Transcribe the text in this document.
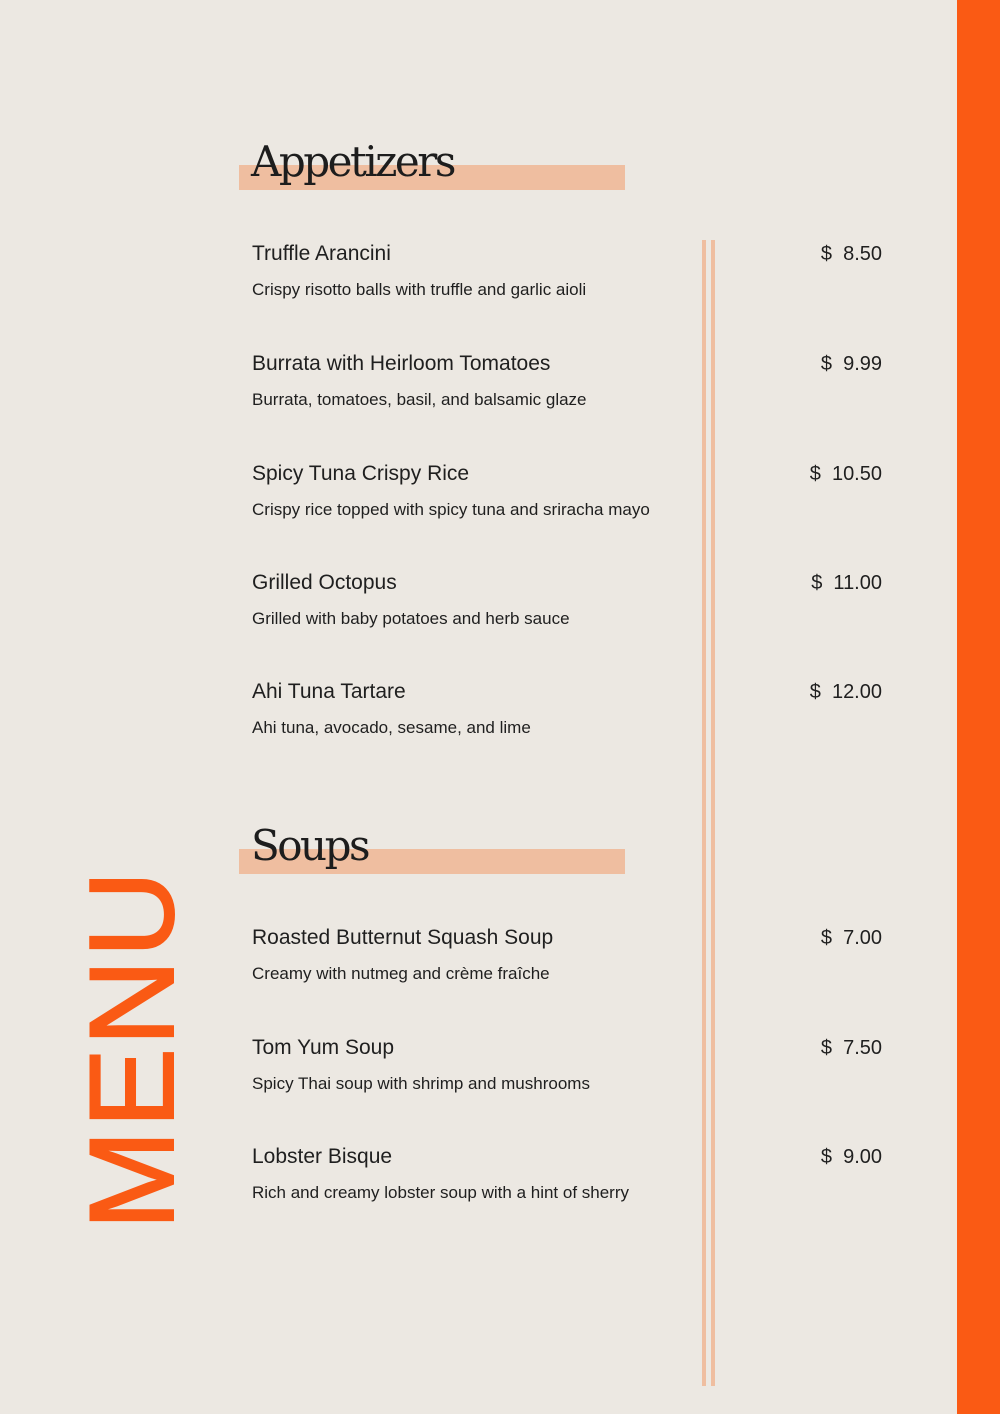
MENU
Appetizers
Truffle Arancini
Crispy risotto balls with truffle and garlic aioli
$  8.50
Burrata with Heirloom Tomatoes
Burrata, tomatoes, basil, and balsamic glaze
$  9.99
Spicy Tuna Crispy Rice
Crispy rice topped with spicy tuna and sriracha mayo
$  10.50
Grilled Octopus
Grilled with baby potatoes and herb sauce
$  11.00
Ahi Tuna Tartare
Ahi tuna, avocado, sesame, and lime
$  12.00
Soups
Roasted Butternut Squash Soup
Creamy with nutmeg and crème fraîche
$  7.00
Tom Yum Soup
Spicy Thai soup with shrimp and mushrooms
$  7.50
Lobster Bisque
Rich and creamy lobster soup with a hint of sherry
$  9.00
